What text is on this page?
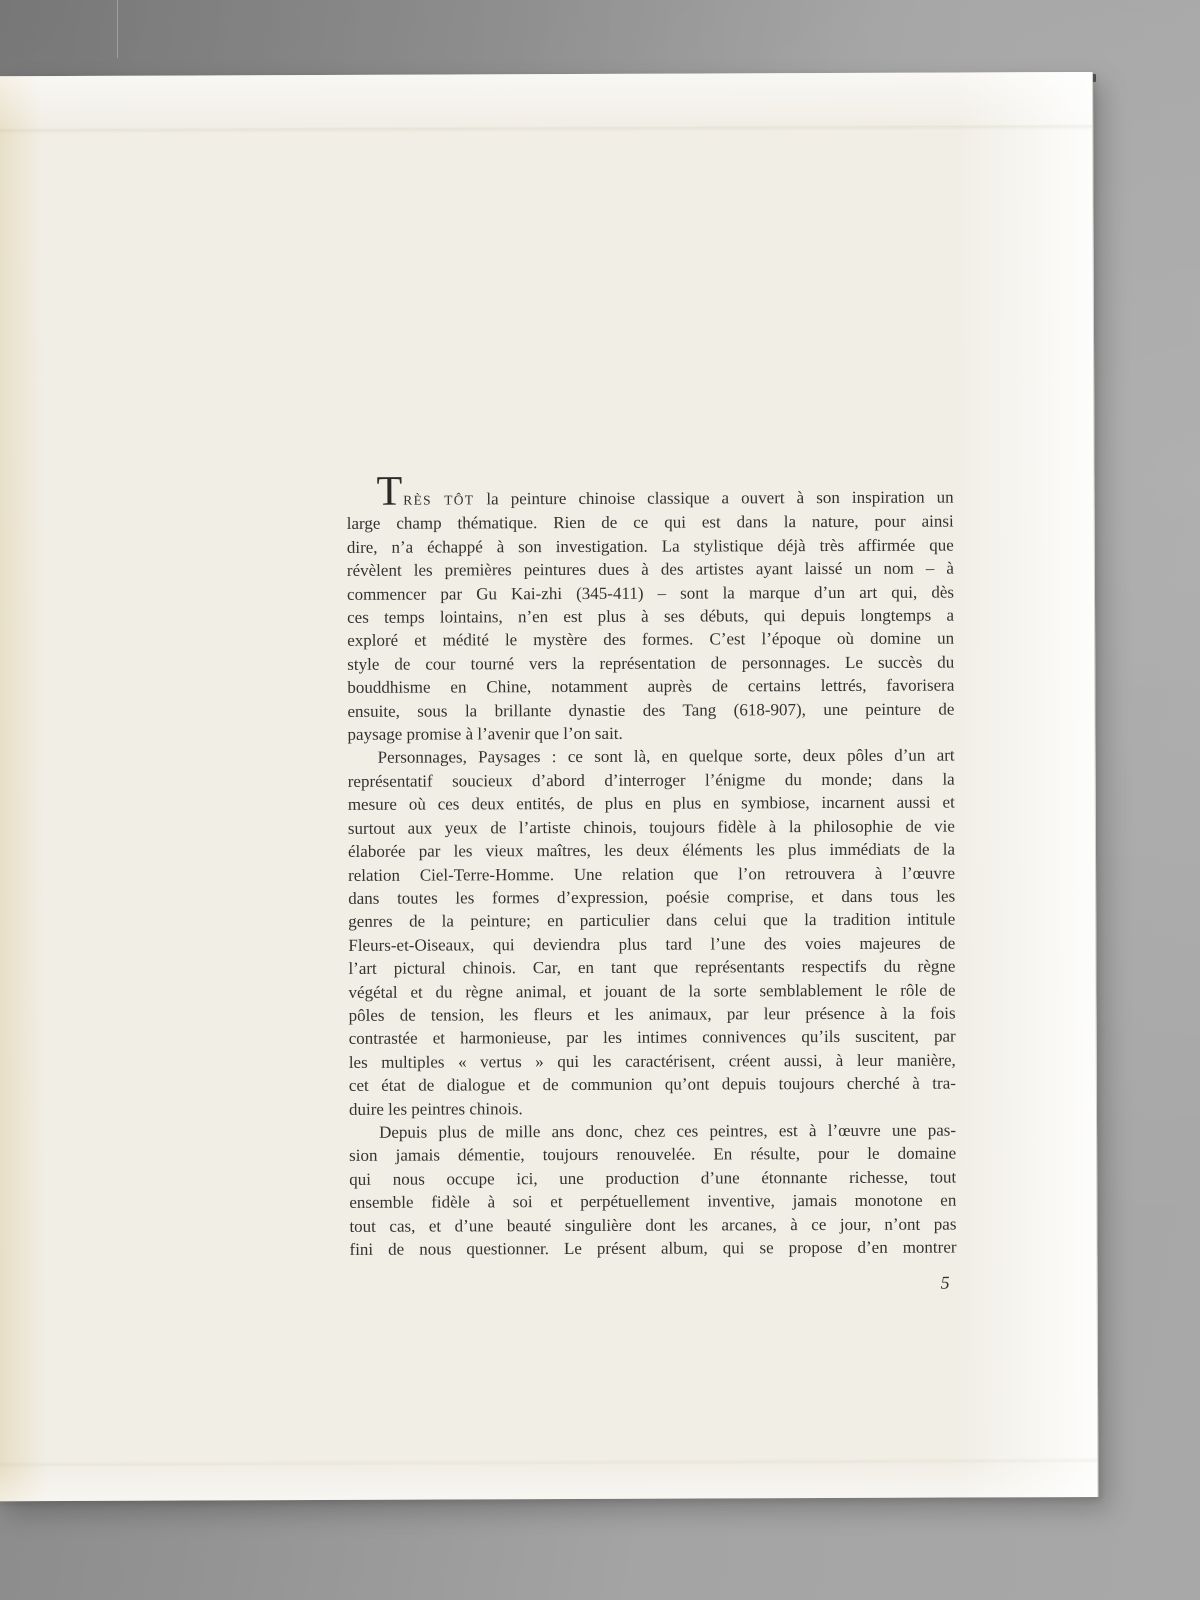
TRÈS TÔT la peinture chinoise classique a ouvert à son inspiration un
large champ thématique. Rien de ce qui est dans la nature, pour ainsi
dire, n’a échappé à son investigation. La stylistique déjà très affirmée que
révèlent les premières peintures dues à des artistes ayant laissé un nom – à
commencer par Gu Kai-zhi (345-411) – sont la marque d’un art qui, dès
ces temps lointains, n’en est plus à ses débuts, qui depuis longtemps a
exploré et médité le mystère des formes. C’est l’époque où domine un
style de cour tourné vers la représentation de personnages. Le succès du
bouddhisme en Chine, notamment auprès de certains lettrés, favorisera
ensuite, sous la brillante dynastie des Tang (618-907), une peinture de
paysage promise à l’avenir que l’on sait.
Personnages, Paysages : ce sont là, en quelque sorte, deux pôles d’un art
représentatif soucieux d’abord d’interroger l’énigme du monde; dans la
mesure où ces deux entités, de plus en plus en symbiose, incarnent aussi et
surtout aux yeux de l’artiste chinois, toujours fidèle à la philosophie de vie
élaborée par les vieux maîtres, les deux éléments les plus immédiats de la
relation Ciel-Terre-Homme. Une relation que l’on retrouvera à l’œuvre
dans toutes les formes d’expression, poésie comprise, et dans tous les
genres de la peinture; en particulier dans celui que la tradition intitule
Fleurs-et-Oiseaux, qui deviendra plus tard l’une des voies majeures de
l’art pictural chinois. Car, en tant que représentants respectifs du règne
végétal et du règne animal, et jouant de la sorte semblablement le rôle de
pôles de tension, les fleurs et les animaux, par leur présence à la fois
contrastée et harmonieuse, par les intimes connivences qu’ils suscitent, par
les multiples « vertus » qui les caractérisent, créent aussi, à leur manière,
cet état de dialogue et de communion qu’ont depuis toujours cherché à tra-
duire les peintres chinois.
Depuis plus de mille ans donc, chez ces peintres, est à l’œuvre une pas-
sion jamais démentie, toujours renouvelée. En résulte, pour le domaine
qui nous occupe ici, une production d’une étonnante richesse, tout
ensemble fidèle à soi et perpétuellement inventive, jamais monotone en
tout cas, et d’une beauté singulière dont les arcanes, à ce jour, n’ont pas
fini de nous questionner. Le présent album, qui se propose d’en montrer
5
